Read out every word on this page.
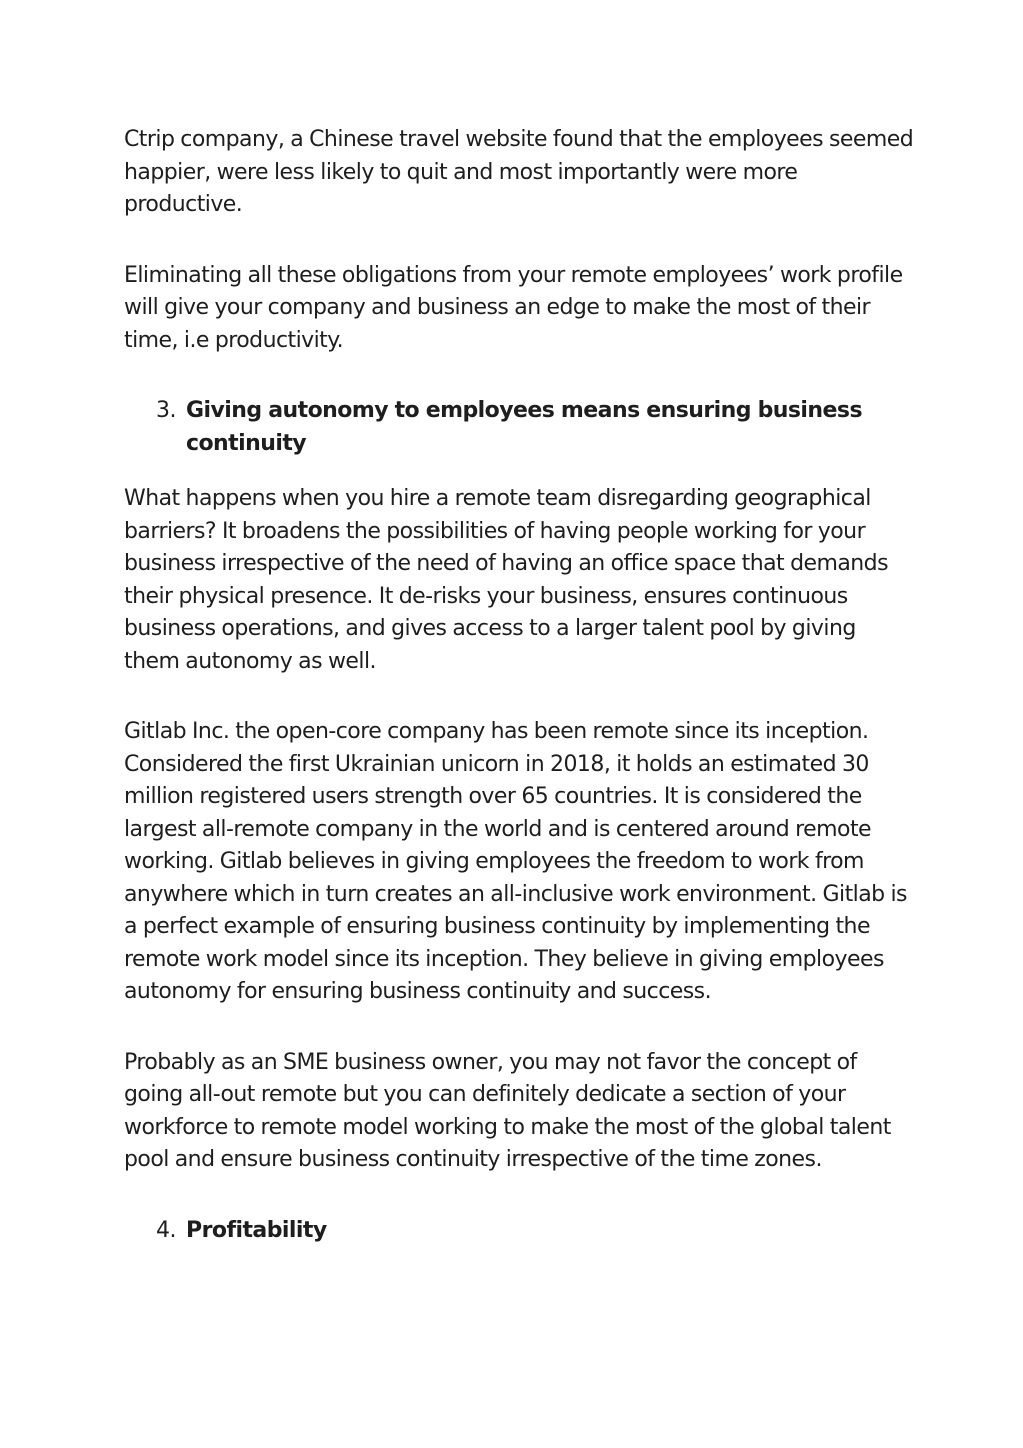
Ctrip company, a Chinese travel website found that the employees seemed happier, were less likely to quit and most importantly were more productive.

Eliminating all these obligations from your remote employees’ work profile will give your company and business an edge to make the most of their time, i.e productivity.

3. Giving autonomy to employees means ensuring business continuity

What happens when you hire a remote team disregarding geographical barriers? It broadens the possibilities of having people working for your business irrespective of the need of having an office space that demands their physical presence. It de-risks your business, ensures continuous business operations, and gives access to a larger talent pool by giving them autonomy as well.

Gitlab Inc. the open-core company has been remote since its inception. Considered the first Ukrainian unicorn in 2018, it holds an estimated 30 million registered users strength over 65 countries. It is considered the largest all-remote company in the world and is centered around remote working. Gitlab believes in giving employees the freedom to work from anywhere which in turn creates an all-inclusive work environment. Gitlab is a perfect example of ensuring business continuity by implementing the remote work model since its inception. They believe in giving employees autonomy for ensuring business continuity and success.

Probably as an SME business owner, you may not favor the concept of going all-out remote but you can definitely dedicate a section of your workforce to remote model working to make the most of the global talent pool and ensure business continuity irrespective of the time zones.

4. Profitability
